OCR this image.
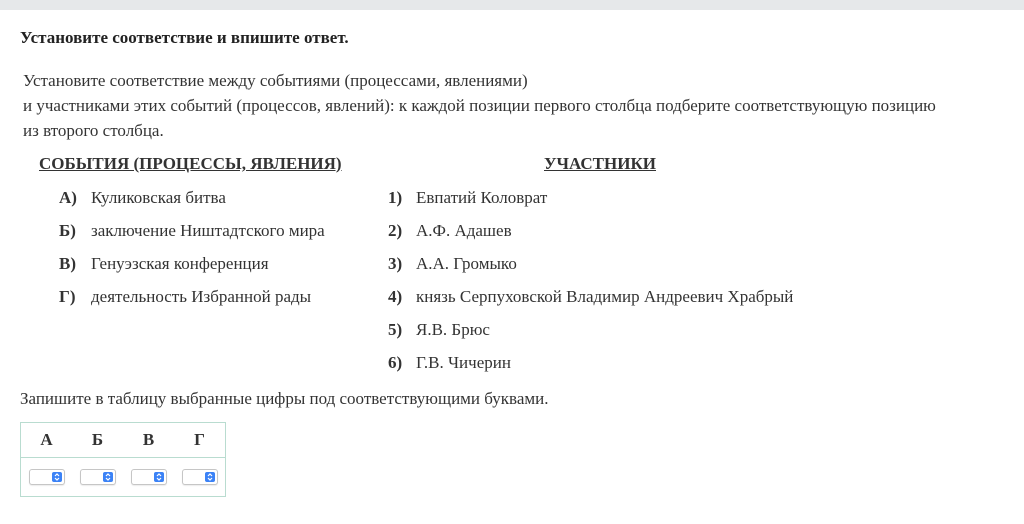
Установите соответствие и впишите ответ.
Установите соответствие между событиями (процессами, явлениями)
и участниками этих событий (процессов, явлений): к каждой позиции первого столбца подберите соответствующую позицию
из второго столбца.
СОБЫТИЯ (ПРОЦЕССЫ, ЯВЛЕНИЯ)	УЧАСТНИКИ
А) Куликовская битва
Б) заключение Ништадтского мира
В) Генуэзская конференция
Г) деятельность Избранной рады
1) Евпатий Коловрат
2) А.Ф. Адашев
3) А.А. Громыко
4) князь Серпуховской Владимир Андреевич Храбрый
5) Я.В. Брюс
6) Г.В. Чичерин
Запишите в таблицу выбранные цифры под соответствующими буквами.
А	Б	В	Г
